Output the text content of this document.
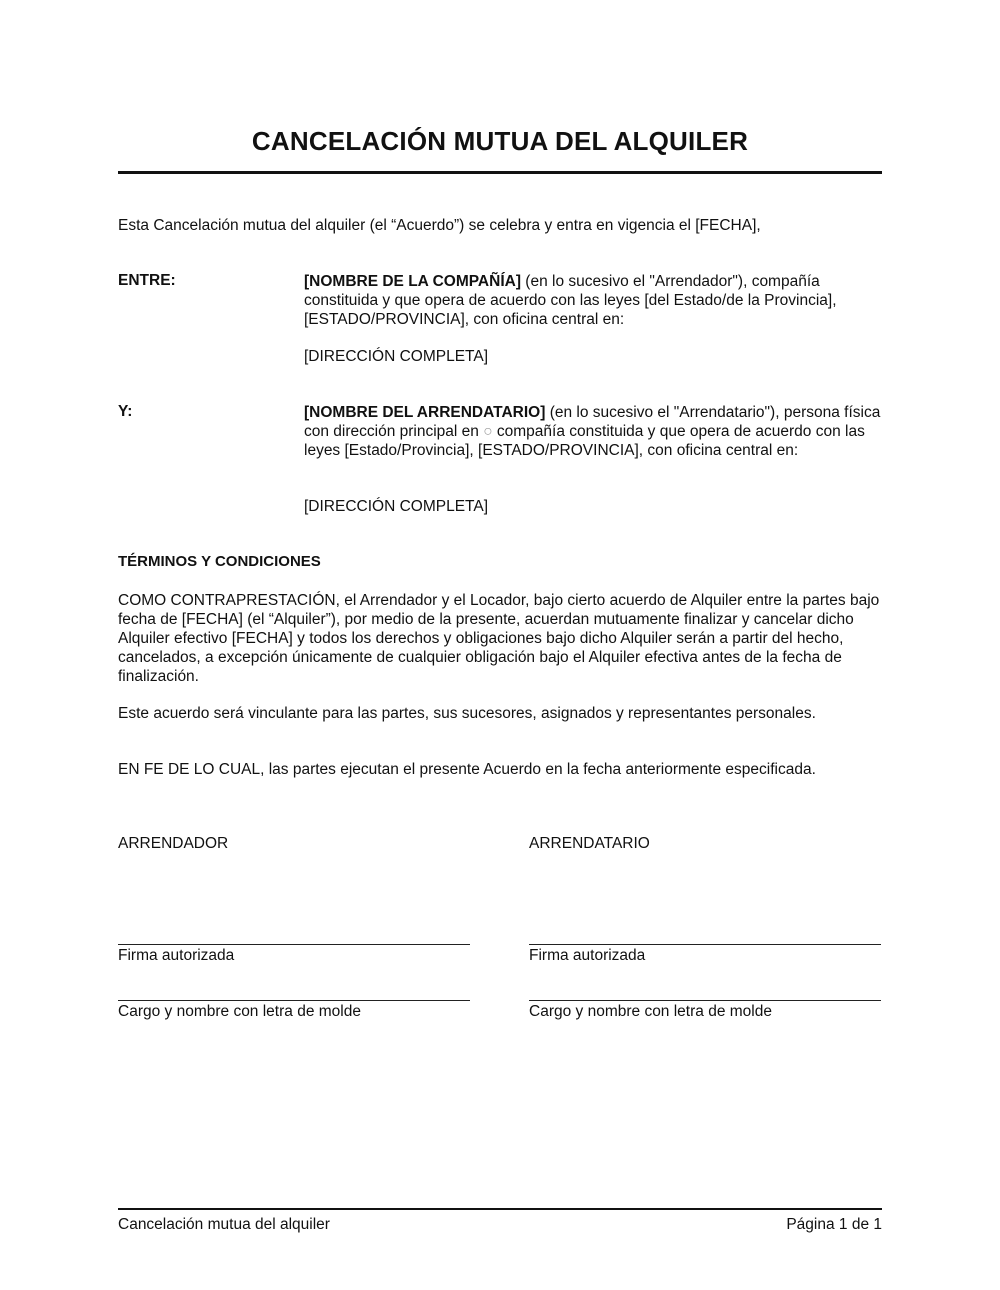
CANCELACIÓN MUTUA DEL ALQUILER
Esta Cancelación mutua del alquiler (el “Acuerdo”) se celebra y entra en vigencia el [FECHA],
ENTRE:	[NOMBRE DE LA COMPAÑÍA] (en lo sucesivo el "Arrendador"), compañía constituida y que opera de acuerdo con las leyes [del Estado/de la Provincia], [ESTADO/PROVINCIA], con oficina central en:
[DIRECCIÓN COMPLETA]
Y:	[NOMBRE DEL ARRENDATARIO] (en lo sucesivo el "Arrendatario"), persona física con dirección principal en ○ compañía constituida y que opera de acuerdo con las leyes [Estado/Provincia], [ESTADO/PROVINCIA], con oficina central en:
[DIRECCIÓN COMPLETA]
TÉRMINOS Y CONDICIONES
COMO CONTRAPRESTACIÓN, el Arrendador y el Locador, bajo cierto acuerdo de Alquiler entre la partes bajo fecha de [FECHA] (el “Alquiler”), por medio de la presente, acuerdan mutuamente finalizar y cancelar dicho Alquiler efectivo [FECHA] y todos los derechos y obligaciones bajo dicho Alquiler serán a partir del hecho, cancelados, a excepción únicamente de cualquier obligación bajo el Alquiler efectiva antes de la fecha de finalización.
Este acuerdo será vinculante para las partes, sus sucesores, asignados y representantes personales.
EN FE DE LO CUAL, las partes ejecutan el presente Acuerdo en la fecha anteriormente especificada.
ARRENDADOR
Firma autorizada
Cargo y nombre con letra de molde
ARRENDATARIO
Firma autorizada
Cargo y nombre con letra de molde
Cancelación mutua del alquiler	Página 1 de 1
